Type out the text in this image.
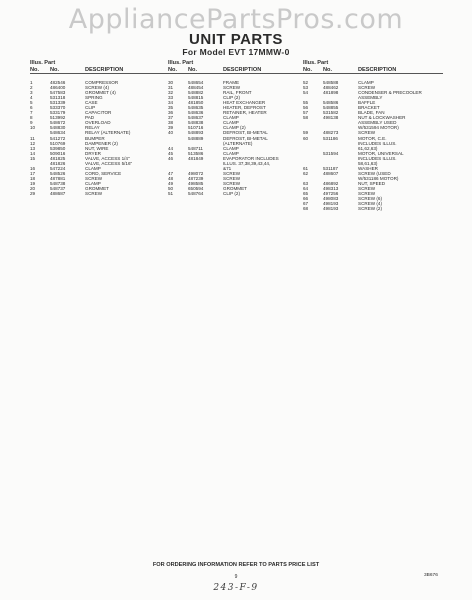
AppliancePartsPros.com
UNIT PARTS
For Model EVT 17MMW-0
Illus. Part
No. No.	DESCRIPTION
1	482546	COMPRESSOR
2	486400	SCREW (4)
3	547583	GROMMET (4)
4	531318	SPRING
5	531339	CASE
6	533370	CLIP
7	533179	CAPACITOR
8	513992	PAD
9	548672	OVERLOAD
10	548830	RELAY
548634	RELAY (ALTERNATE)
11	541272	BUMPER
12	510769	DAMPENER (2)
13	539850	NUT, WIRE
14	509016	DRYER
15	481825	VALVE, ACCESS 1/4"
481826	VALVE, ACCESS 5/16"
16	547224	CLAMP
17	548526	CORD, SERVICE
18	487881	SCREW
19	548738	CLAMP
20	548737	GROMMET
29	488687	SCREW
Illus. Part
No. No.	DESCRIPTION
30	548654	FRAME
31	488454	SCREW
32	548882	RAIL, FRONT
33	548815	CLIP (2)
34	481850	HEAT EXCHANGER
35	548635	HEATER, DEFROST
36	548636	RETAINER, HEATER
37	548637	CLAMP
38	548838	CLAMP
39	510716	CLAMP (2)
40	548893	DEFROST, BI-METAL
548889	DEFROST, BI-METAL
(ALTERNATE)
44	548711	CLAMP
45	513586	CLAMP
46	481849	EVAPORATOR INCLUDES
ILLUS. 37,38,39,43,44,
&71
47	498072	SCREW
48	487239	SCREW
49	498585	SCREW
50	650594	GROMMET
51	548764	CLIP (2)
Illus. Part
No. No.	DESCRIPTION
52	548588	CLAMP
53	488462	SCREW
54	481898	CONDENSER & PRECOOLER
ASSEMBLY
55	548586	BAFFLE
56	548855	BRACKET
57	531582	BLADE, FAN
58	498138	NUT & LOCKWASHER
ASSEMBLY USED
W/531594 MOTOR)
59	488273	SCREW
60	531186	MOTOR, C.E.
INCLUDES ILLUS.
61,62,63)
531594	MOTOR, UNIVERSAL
INCLUDES ILLUS.
58,61,63)
61	531187	WASHER
62	488607	SCREW (USED
W/531186 MOTOR)
63	486892	NUT, SPEED
64	498313	SCREW
65	497256	SCREW
66	498083	SCREW (6)
67	498193	SCREW (4)
68	498193	SCREW (2)
FOR ORDERING INFORMATION REFER TO PARTS PRICE LIST
9	3B676
243-F-9
